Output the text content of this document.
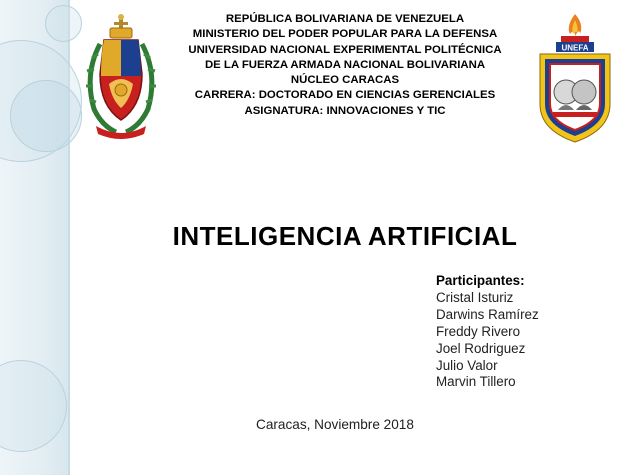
REPÚBLICA BOLIVARIANA DE VENEZUELA
MINISTERIO DEL PODER POPULAR PARA LA DEFENSA
UNIVERSIDAD NACIONAL EXPERIMENTAL POLITÉCNICA
DE LA FUERZA ARMADA NACIONAL BOLIVARIANA
NÚCLEO CARACAS
CARRERA: DOCTORADO EN CIENCIAS GERENCIALES
ASIGNATURA: INNOVACIONES Y TIC
UNEFA
INTELIGENCIA ARTIFICIAL
Participantes:
Cristal Isturiz
Darwins Ramírez
Freddy Rivero
Joel Rodriguez
Julio Valor
Marvin Tillero
Caracas, Noviembre 2018
